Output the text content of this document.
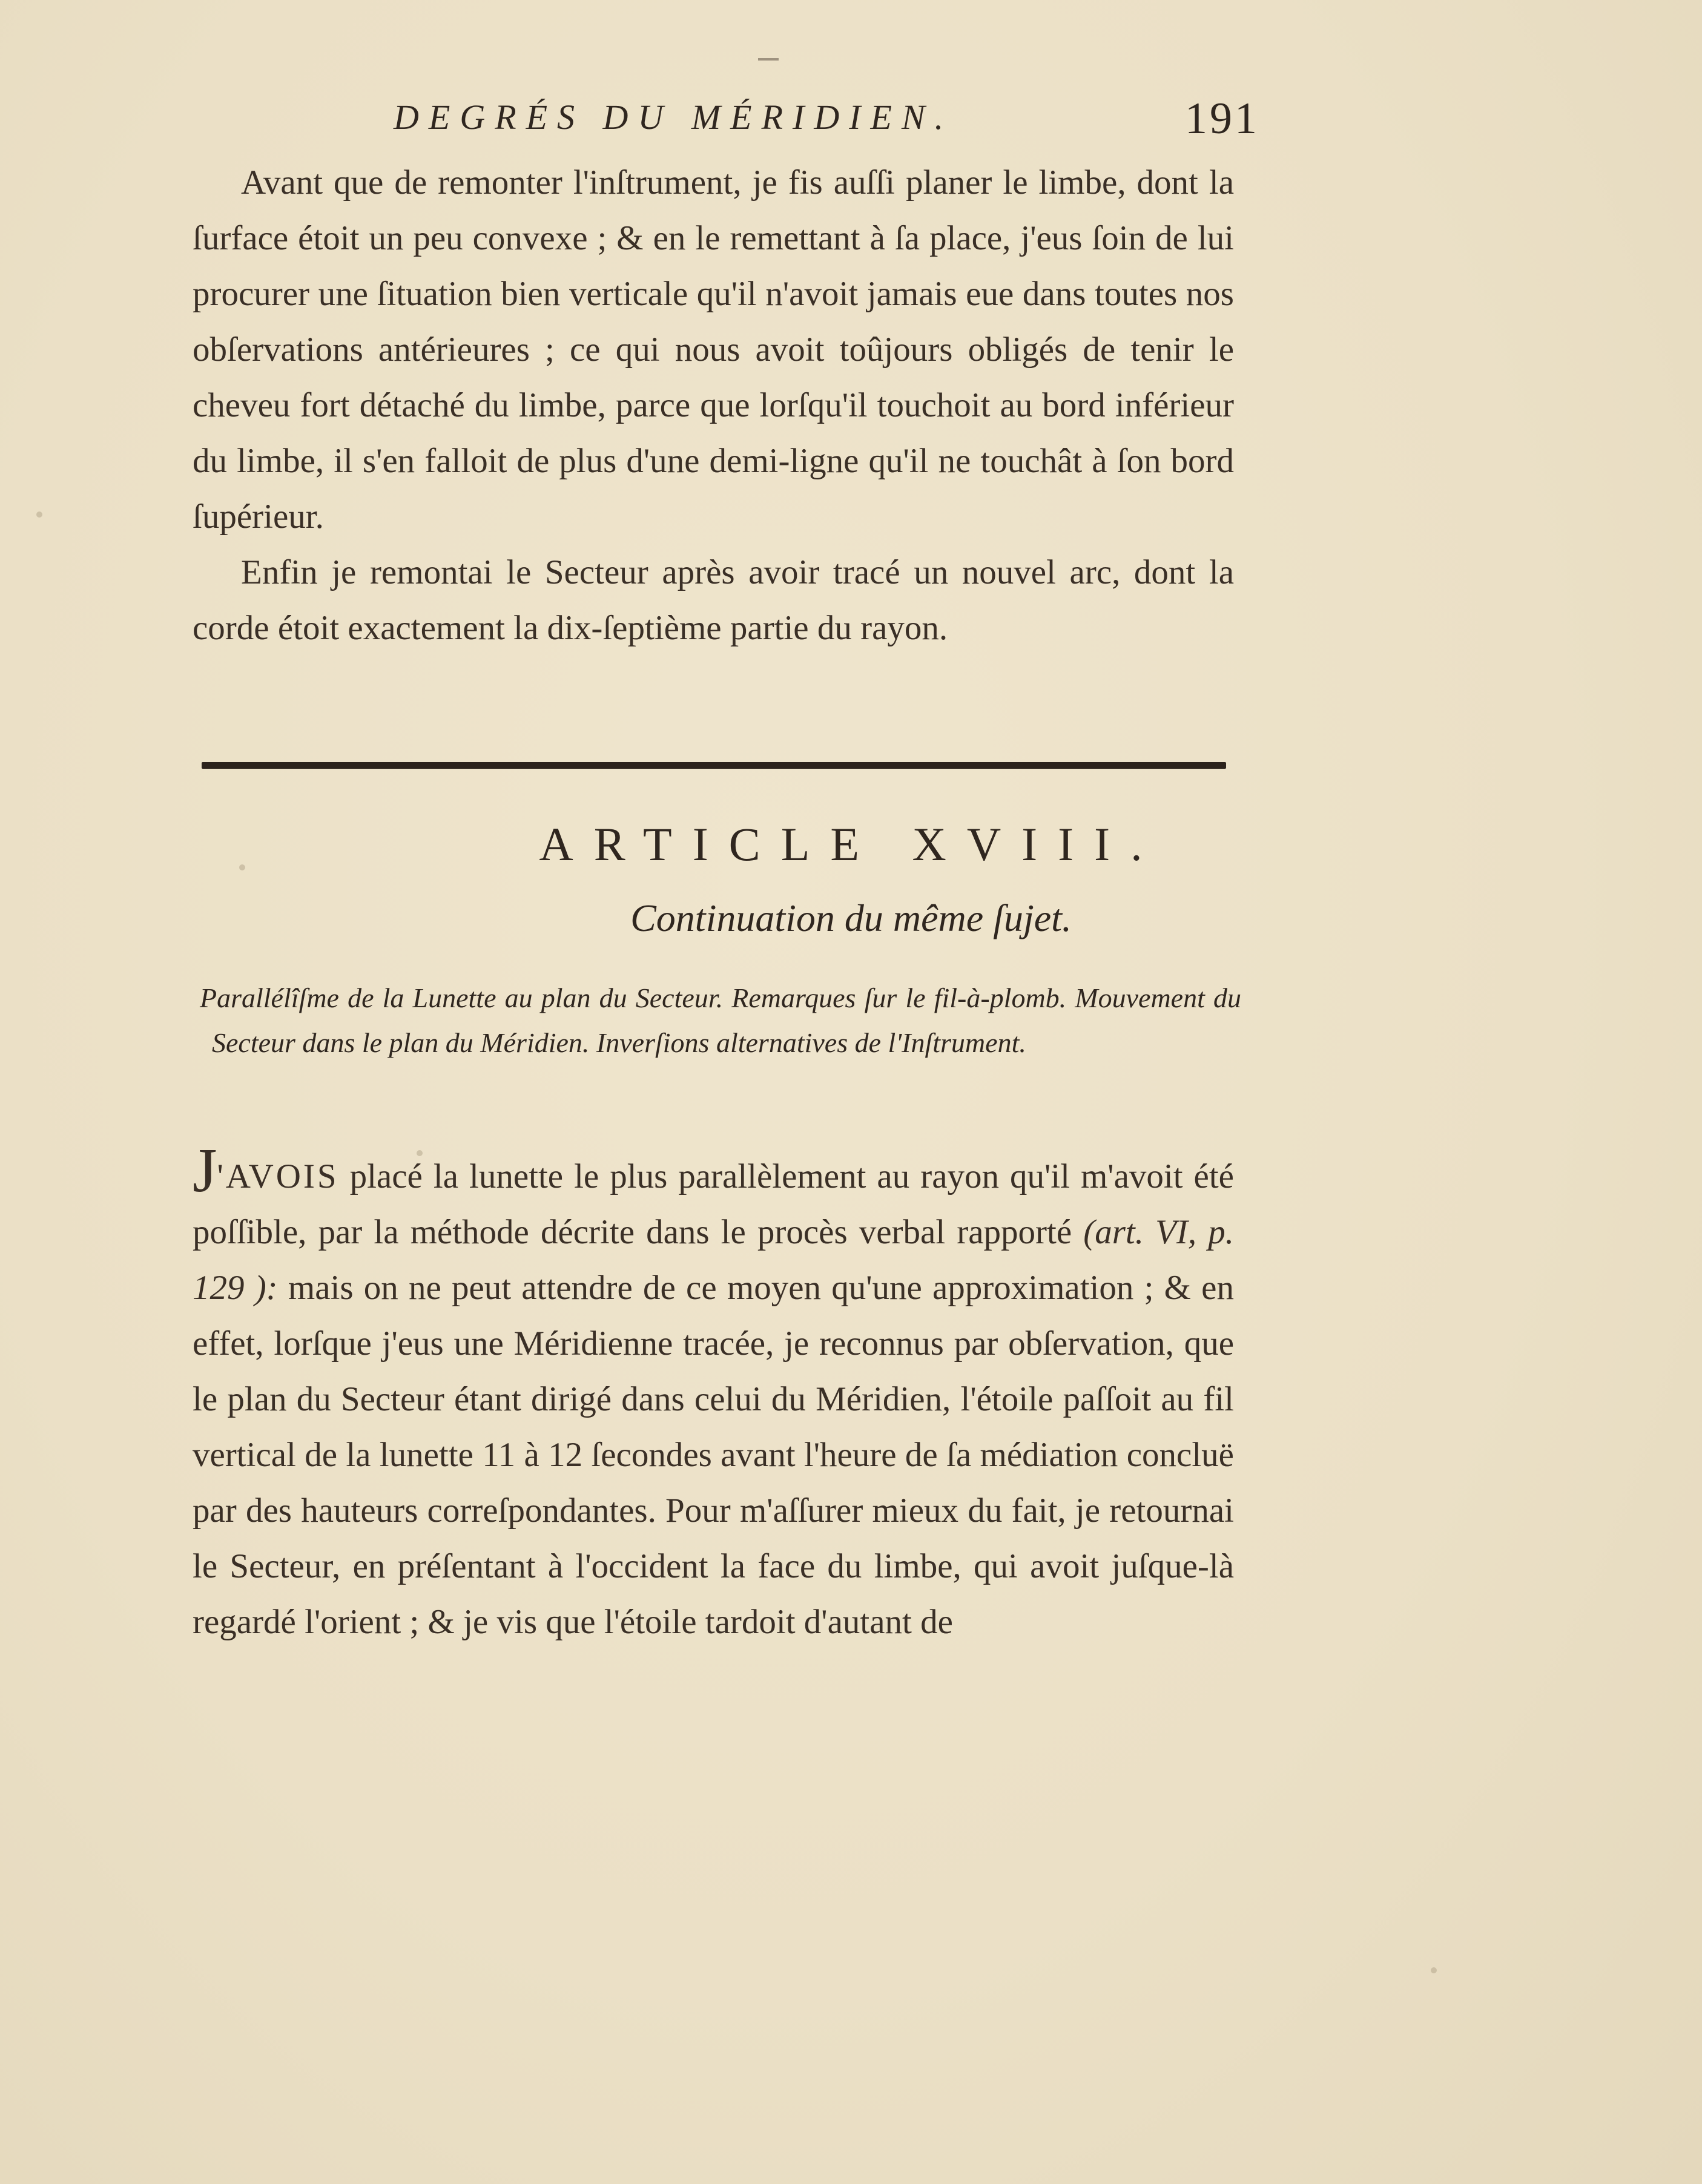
DEGRÉS DU MÉRIDIEN.	191

Avant que de remonter l'inſtrument, je fis auſſi planer le limbe, dont la ſurface étoit un peu convexe ; & en le remettant à ſa place, j'eus ſoin de lui procurer une ſituation bien verticale qu'il n'avoit jamais eue dans toutes nos obſervations antérieures ; ce qui nous avoit toûjours obligés de tenir le cheveu fort détaché du limbe, parce que lorſqu'il touchoit au bord inférieur du limbe, il s'en falloit de plus d'une demi-ligne qu'il ne touchât à ſon bord ſupérieur.

Enfin je remontai le Secteur après avoir tracé un nouvel arc, dont la corde étoit exactement la dix-ſeptième partie du rayon.

ARTICLE XVIII.
Continuation du même ſujet.

Parallélîſme de la Lunette au plan du Secteur. Remarques ſur le fil-à-plomb. Mouvement du Secteur dans le plan du Méridien. Inverſions alternatives de l'Inſtrument.

J'AVOIS placé la lunette le plus parallèlement au rayon qu'il m'avoit été poſſible, par la méthode décrite dans le procès verbal rapporté (art. VI, p. 129 ): mais on ne peut attendre de ce moyen qu'une approximation ; & en effet, lorſque j'eus une Méridienne tracée, je reconnus par obſervation, que le plan du Secteur étant dirigé dans celui du Méridien, l'étoile paſſoit au fil vertical de la lunette 11 à 12 ſecondes avant l'heure de ſa médiation concluë par des hauteurs correſpondantes. Pour m'aſſurer mieux du fait, je retournai le Secteur, en préſentant à l'occident la face du limbe, qui avoit juſque-là regardé l'orient ; & je vis que l'étoile tardoit d'autant de
